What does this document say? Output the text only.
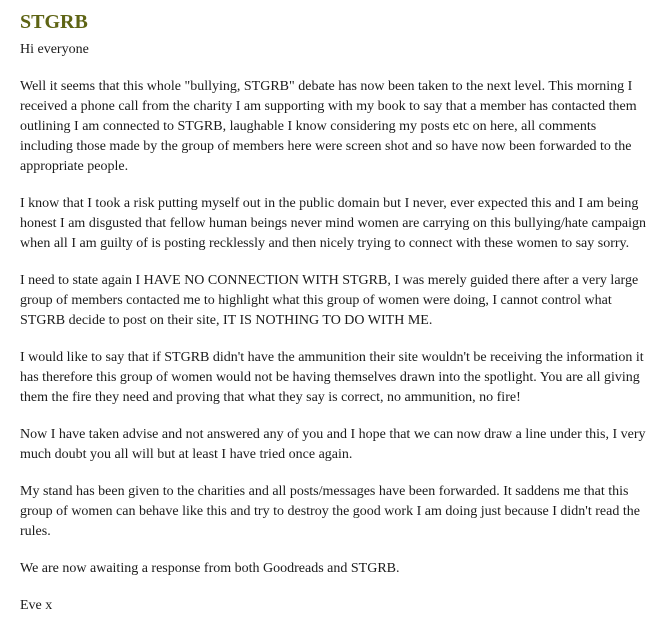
STGRB

Hi everyone

Well it seems that this whole "bullying, STGRB" debate has now been taken to the next level. This morning I received a phone call from the charity I am supporting with my book to say that a member has contacted them outlining I am connected to STGRB, laughable I know considering my posts etc on here, all comments including those made by the group of members here were screen shot and so have now been forwarded to the appropriate people.

I know that I took a risk putting myself out in the public domain but I never, ever expected this and I am being honest I am disgusted that fellow human beings never mind women are carrying on this bullying/hate campaign when all I am guilty of is posting recklessly and then nicely trying to connect with these women to say sorry.

I need to state again I HAVE NO CONNECTION WITH STGRB, I was merely guided there after a very large group of members contacted me to highlight what this group of women were doing, I cannot control what STGRB decide to post on their site, IT IS NOTHING TO DO WITH ME.

I would like to say that if STGRB didn't have the ammunition their site wouldn't be receiving the information it has therefore this group of women would not be having themselves drawn into the spotlight. You are all giving them the fire they need and proving that what they say is correct, no ammunition, no fire!

Now I have taken advise and not answered any of you and I hope that we can now draw a line under this, I very much doubt you all will but at least I have tried once again.

My stand has been given to the charities and all posts/messages have been forwarded. It saddens me that this group of women can behave like this and try to destroy the good work I am doing just because I didn't read the rules.

We are now awaiting a response from both Goodreads and STGRB.

Eve x
